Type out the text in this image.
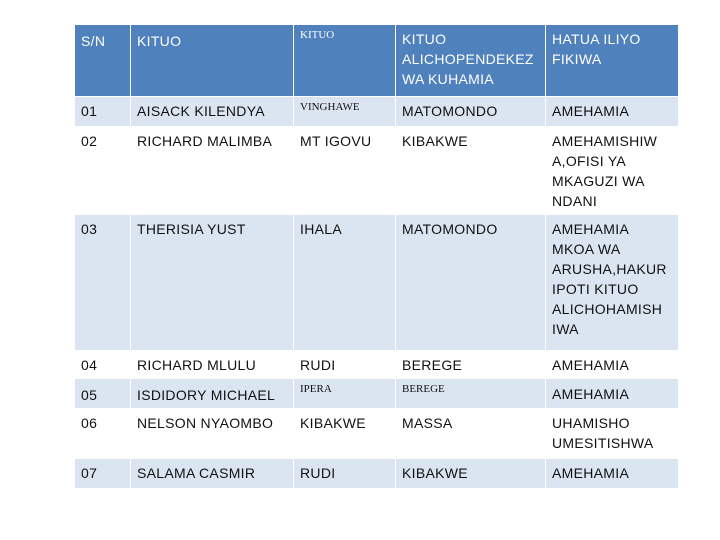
S/N	KITUO	KITUO	KITUO ALICHOPENDEKEZ WA KUHAMIA	HATUA ILIYO FIKIWA
01	AISACK KILENDYA	VINGHAWE	MATOMONDO	AMEHAMIA
02	RICHARD MALIMBA	MT IGOVU	KIBAKWE	AMEHAMISHIW A,OFISI YA MKAGUZI WA NDANI
03	THERISIA YUST	IHALA	MATOMONDO	AMEHAMIA MKOA WA ARUSHA,HAKUR IPOTI KITUO ALICHOHAMISH IWA
04	RICHARD MLULU	RUDI	BEREGE	AMEHAMIA
05	ISDIDORY MICHAEL	IPERA	BEREGE	AMEHAMIA
06	NELSON NYAOMBO	KIBAKWE	MASSA	UHAMISHO UMESITISHWA
07	SALAMA CASMIR	RUDI	KIBAKWE	AMEHAMIA
